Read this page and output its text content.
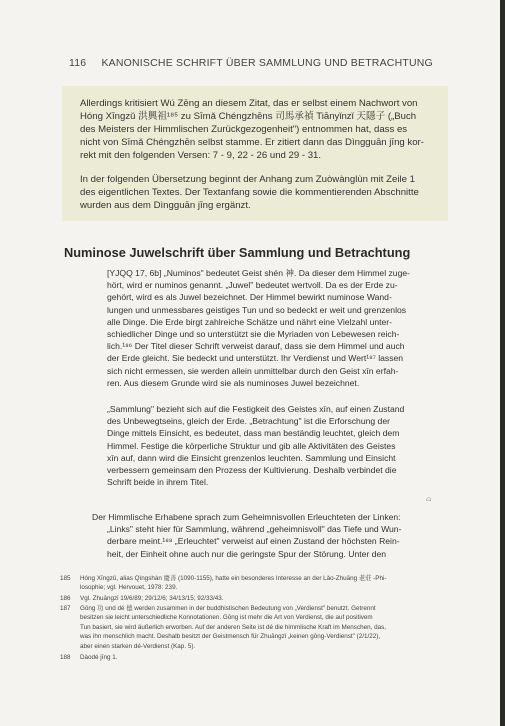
116 KANONISCHE SCHRIFT ÜBER SAMMLUNG UND BETRACHTUNG
Allerdings kritisiert Wú Zēng an diesem Zitat, das er selbst einem Nachwort von
Hóng Xīngzǔ 洪興祖¹⁸⁵ zu Sīmǎ Chéngzhēns 司馬承禎 Tiānyǐnzǐ 天隱子 („Buch
des Meisters der Himmlischen Zurückgezogenheit") entnommen hat, dass es
nicht von Sīmǎ Chéngzhēn selbst stamme. Er zitiert dann das Dìngguān jīng kor-
rekt mit den folgenden Versen: 7 - 9, 22 - 26 und 29 - 31.
In der folgenden Übersetzung beginnt der Anhang zum Zuòwànglùn mit Zeile 1
des eigentlichen Textes. Der Textanfang sowie die kommentierenden Abschnitte
wurden aus dem Dìngguān jīng ergänzt.
Numinose Juwelschrift über Sammlung und Betrachtung
[YJQQ 17, 6b] „Numinos" bedeutet Geist shén 神. Da dieser dem Himmel zuge-
hört, wird er numinos genannt. „Juwel" bedeutet wertvoll. Da es der Erde zu-
gehört, wird es als Juwel bezeichnet. Der Himmel bewirkt numinose Wand-
lungen und unmessbares geistiges Tun und so bedeckt er weit und grenzenlos
alle Dinge. Die Erde birgt zahlreiche Schätze und nährt eine Vielzahl unter-
schiedlicher Dinge und so unterstützt sie die Myriaden von Lebewesen reich-
lich.¹⁸⁶ Der Titel dieser Schrift verweist darauf, dass sie dem Himmel und auch
der Erde gleicht. Sie bedeckt und unterstützt. Ihr Verdienst und Wert¹⁸⁷ lassen
sich nicht ermessen, sie werden allein unmittelbar durch den Geist xīn erfah-
ren. Aus diesem Grunde wird sie als numinoses Juwel bezeichnet.
„Sammlung" bezieht sich auf die Festigkeit des Geistes xīn, auf einen Zustand
des Unbewegtseins, gleich der Erde. „Betrachtung" ist die Erforschung der
Dinge mittels Einsicht, es bedeutet, dass man beständig leuchtet, gleich dem
Himmel. Festige die körperliche Struktur und gib alle Aktivitäten des Geistes
xīn auf, dann wird die Einsicht grenzenlos leuchten. Sammlung und Einsicht
verbessern gemeinsam den Prozess der Kultivierung. Deshalb verbindet die
Schrift beide in ihrem Titel.
⌂
Der Himmlische Erhabene sprach zum Geheimnisvollen Erleuchteten der Linken:
„Links" steht hier für Sammlung, während „geheimnisvoll" das Tiefe und Wun-
derbare meint.¹⁸⁸ „Erleuchtet" verweist auf einen Zustand der höchsten Rein-
heit, der Einheit ohne auch nur die geringste Spur der Störung. Unter den
185 Hóng Xīngzǔ, alias Qìngshàn 慶善 (1090-1155), hatte ein besonderes Interesse an der Lǎo-Zhuāng 老莊 -Phi-
losophie; vgl. Hervouet, 1978: 239.
186 Vgl. Zhuāngzǐ 19/6/89; 29/12/6; 34/13/15; 92/33/43.
187 Gōng 功 und dé 德 werden zusammen in der buddhistischen Bedeutung von „Verdienst" benutzt. Getrennt
besitzen sie leicht unterschiedliche Konnotationen. Gōng ist mehr die Art von Verdienst, die auf positivem
Tun basiert, sie wird äußerlich erworben. Auf der anderen Seite ist dé die himmlische Kraft im Menschen, das,
was ihn menschlich macht. Deshalb besitzt der Geistmensch für Zhuāngzǐ „keinen gōng-Verdienst" (2/1/22),
aber einen starken dé-Verdienst (Kap. 5).
188 Dàodé jīng 1.
